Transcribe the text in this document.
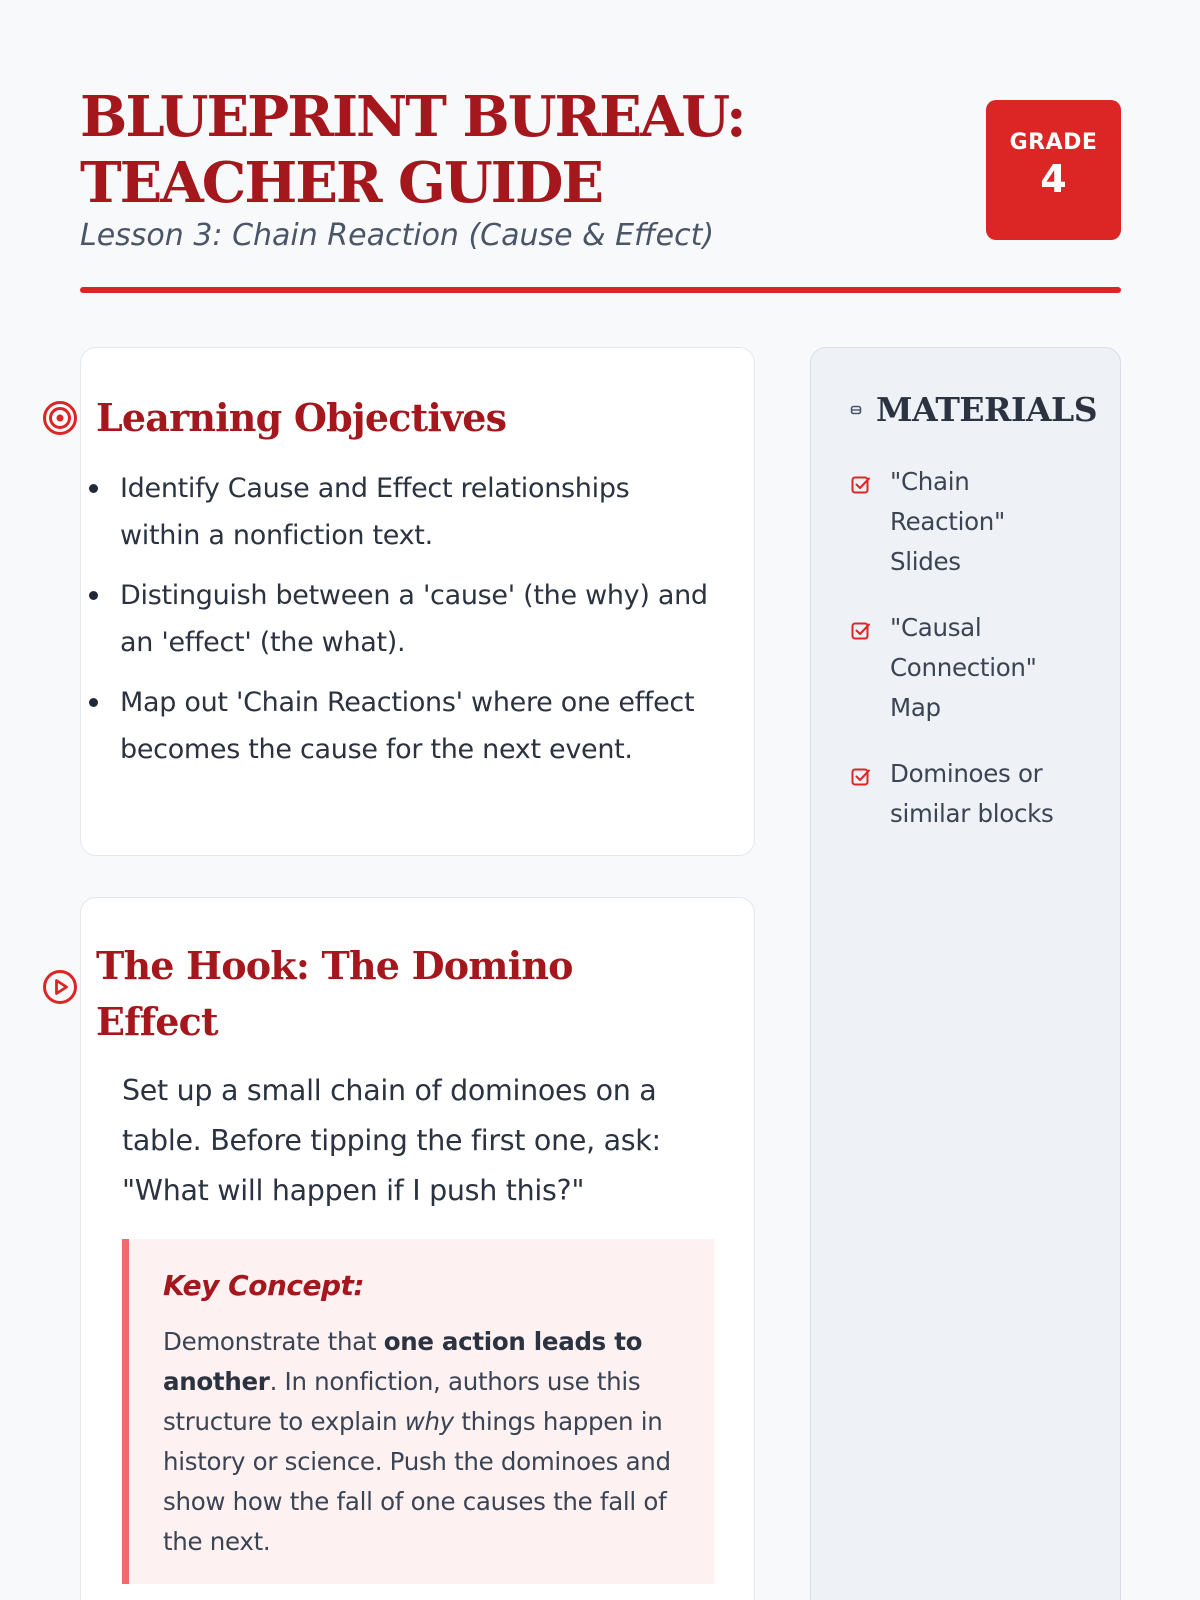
BLUEPRINT BUREAU: TEACHER GUIDE
Lesson 3: Chain Reaction (Cause & Effect)
GRADE
4
Learning Objectives
Identify Cause and Effect relationships within a nonfiction text.
Distinguish between a 'cause' (the why) and an 'effect' (the what).
Map out 'Chain Reactions' where one effect becomes the cause for the next event.
The Hook: The Domino Effect
Set up a small chain of dominoes on a table. Before tipping the first one, ask: "What will happen if I push this?"
Key Concept:
Demonstrate that one action leads to another. In nonfiction, authors use this structure to explain why things happen in history or science. Push the dominoes and show how the fall of one causes the fall of the next.
MATERIALS
"Chain Reaction" Slides
"Causal Connection" Map
Dominoes or similar blocks
